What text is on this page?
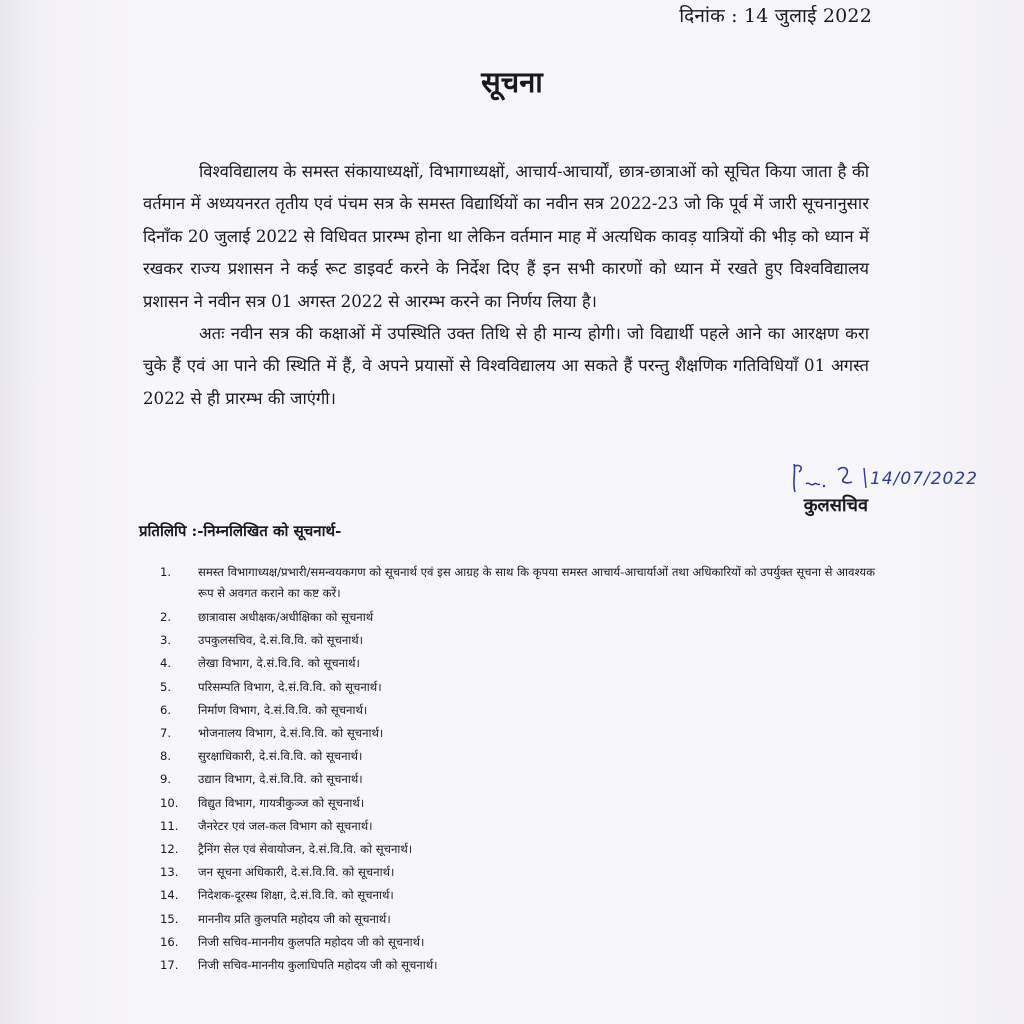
दिनांक : 14 जुलाई 2022
सूचना

विश्वविद्यालय के समस्त संकायाध्यक्षों, विभागाध्यक्षों, आचार्य-आचार्यों, छात्र-छात्राओं को सूचित किया जाता है की वर्तमान में अध्ययनरत तृतीय एवं पंचम सत्र के समस्त विद्यार्थियों का नवीन सत्र 2022-23 जो कि पूर्व में जारी सूचनानुसार दिनाँक 20 जुलाई 2022 से विधिवत प्रारम्भ होना था लेकिन वर्तमान माह में अत्यधिक कावड़ यात्रियों की भीड़ को ध्यान में रखकर राज्य प्रशासन ने कई रूट डाइवर्ट करने के निर्देश दिए हैं इन सभी कारणों को ध्यान में रखते हुए विश्वविद्यालय प्रशासन ने नवीन सत्र 01 अगस्त 2022 से आरम्भ करने का निर्णय लिया है।

अतः नवीन सत्र की कक्षाओं में उपस्थिति उक्त तिथि से ही मान्य होगी। जो विद्यार्थी पहले आने का आरक्षण करा चुके हैं एवं आ पाने की स्थिति में हैं, वे अपने प्रयासों से विश्वविद्यालय आ सकते हैं परन्तु शैक्षणिक गतिविधियाँ 01 अगस्त 2022 से ही प्रारम्भ की जाएंगी।

14/07/2022
कुलसचिव
प्रतिलिपि :-निम्नलिखित को सूचनार्थ-
1.	समस्त विभागाध्यक्ष/प्रभारी/समन्वयकगण को सूचनार्थ एवं इस आग्रह के साथ कि कृपया समस्त आचार्य-आचार्याओं तथा अधिकारियों को उपर्युक्त सूचना से आवश्यक रूप से अवगत कराने का कष्ट करें।
2.	छात्रावास अधीक्षक/अधीक्षिका को सूचनार्थ
3.	उपकुलसचिव, दे.सं.वि.वि. को सूचनार्थ।
4.	लेखा विभाग, दे.सं.वि.वि. को सूचनार्थ।
5.	परिसम्पति विभाग, दे.सं.वि.वि. को सूचनार्थ।
6.	निर्माण विभाग, दे.सं.वि.वि. को सूचनार्थ।
7.	भोजनालय विभाग, दे.सं.वि.वि. को सूचनार्थ।
8.	सुरक्षाधिकारी, दे.सं.वि.वि. को सूचनार्थ।
9.	उद्यान विभाग, दे.सं.वि.वि. को सूचनार्थ।
10.	विद्युत विभाग, गायत्रीकुञ्ज को सूचनार्थ।
11.	जैनरेटर एवं जल-कल विभाग को सूचनार्थ।
12.	ट्रैनिंग सेल एवं सेवायोजन, दे.सं.वि.वि. को सूचनार्थ।
13.	जन सूचना अधिकारी, दे.सं.वि.वि. को सूचनार्थ।
14.	निदेशक-दूरस्थ शिक्षा, दे.सं.वि.वि. को सूचनार्थ।
15.	माननीय प्रति कुलपति महोदय जी को सूचनार्थ।
16.	निजी सचिव-माननीय कुलपति महोदय जी को सूचनार्थ।
17.	निजी सचिव-माननीय कुलाधिपति महोदय जी को सूचनार्थ।
